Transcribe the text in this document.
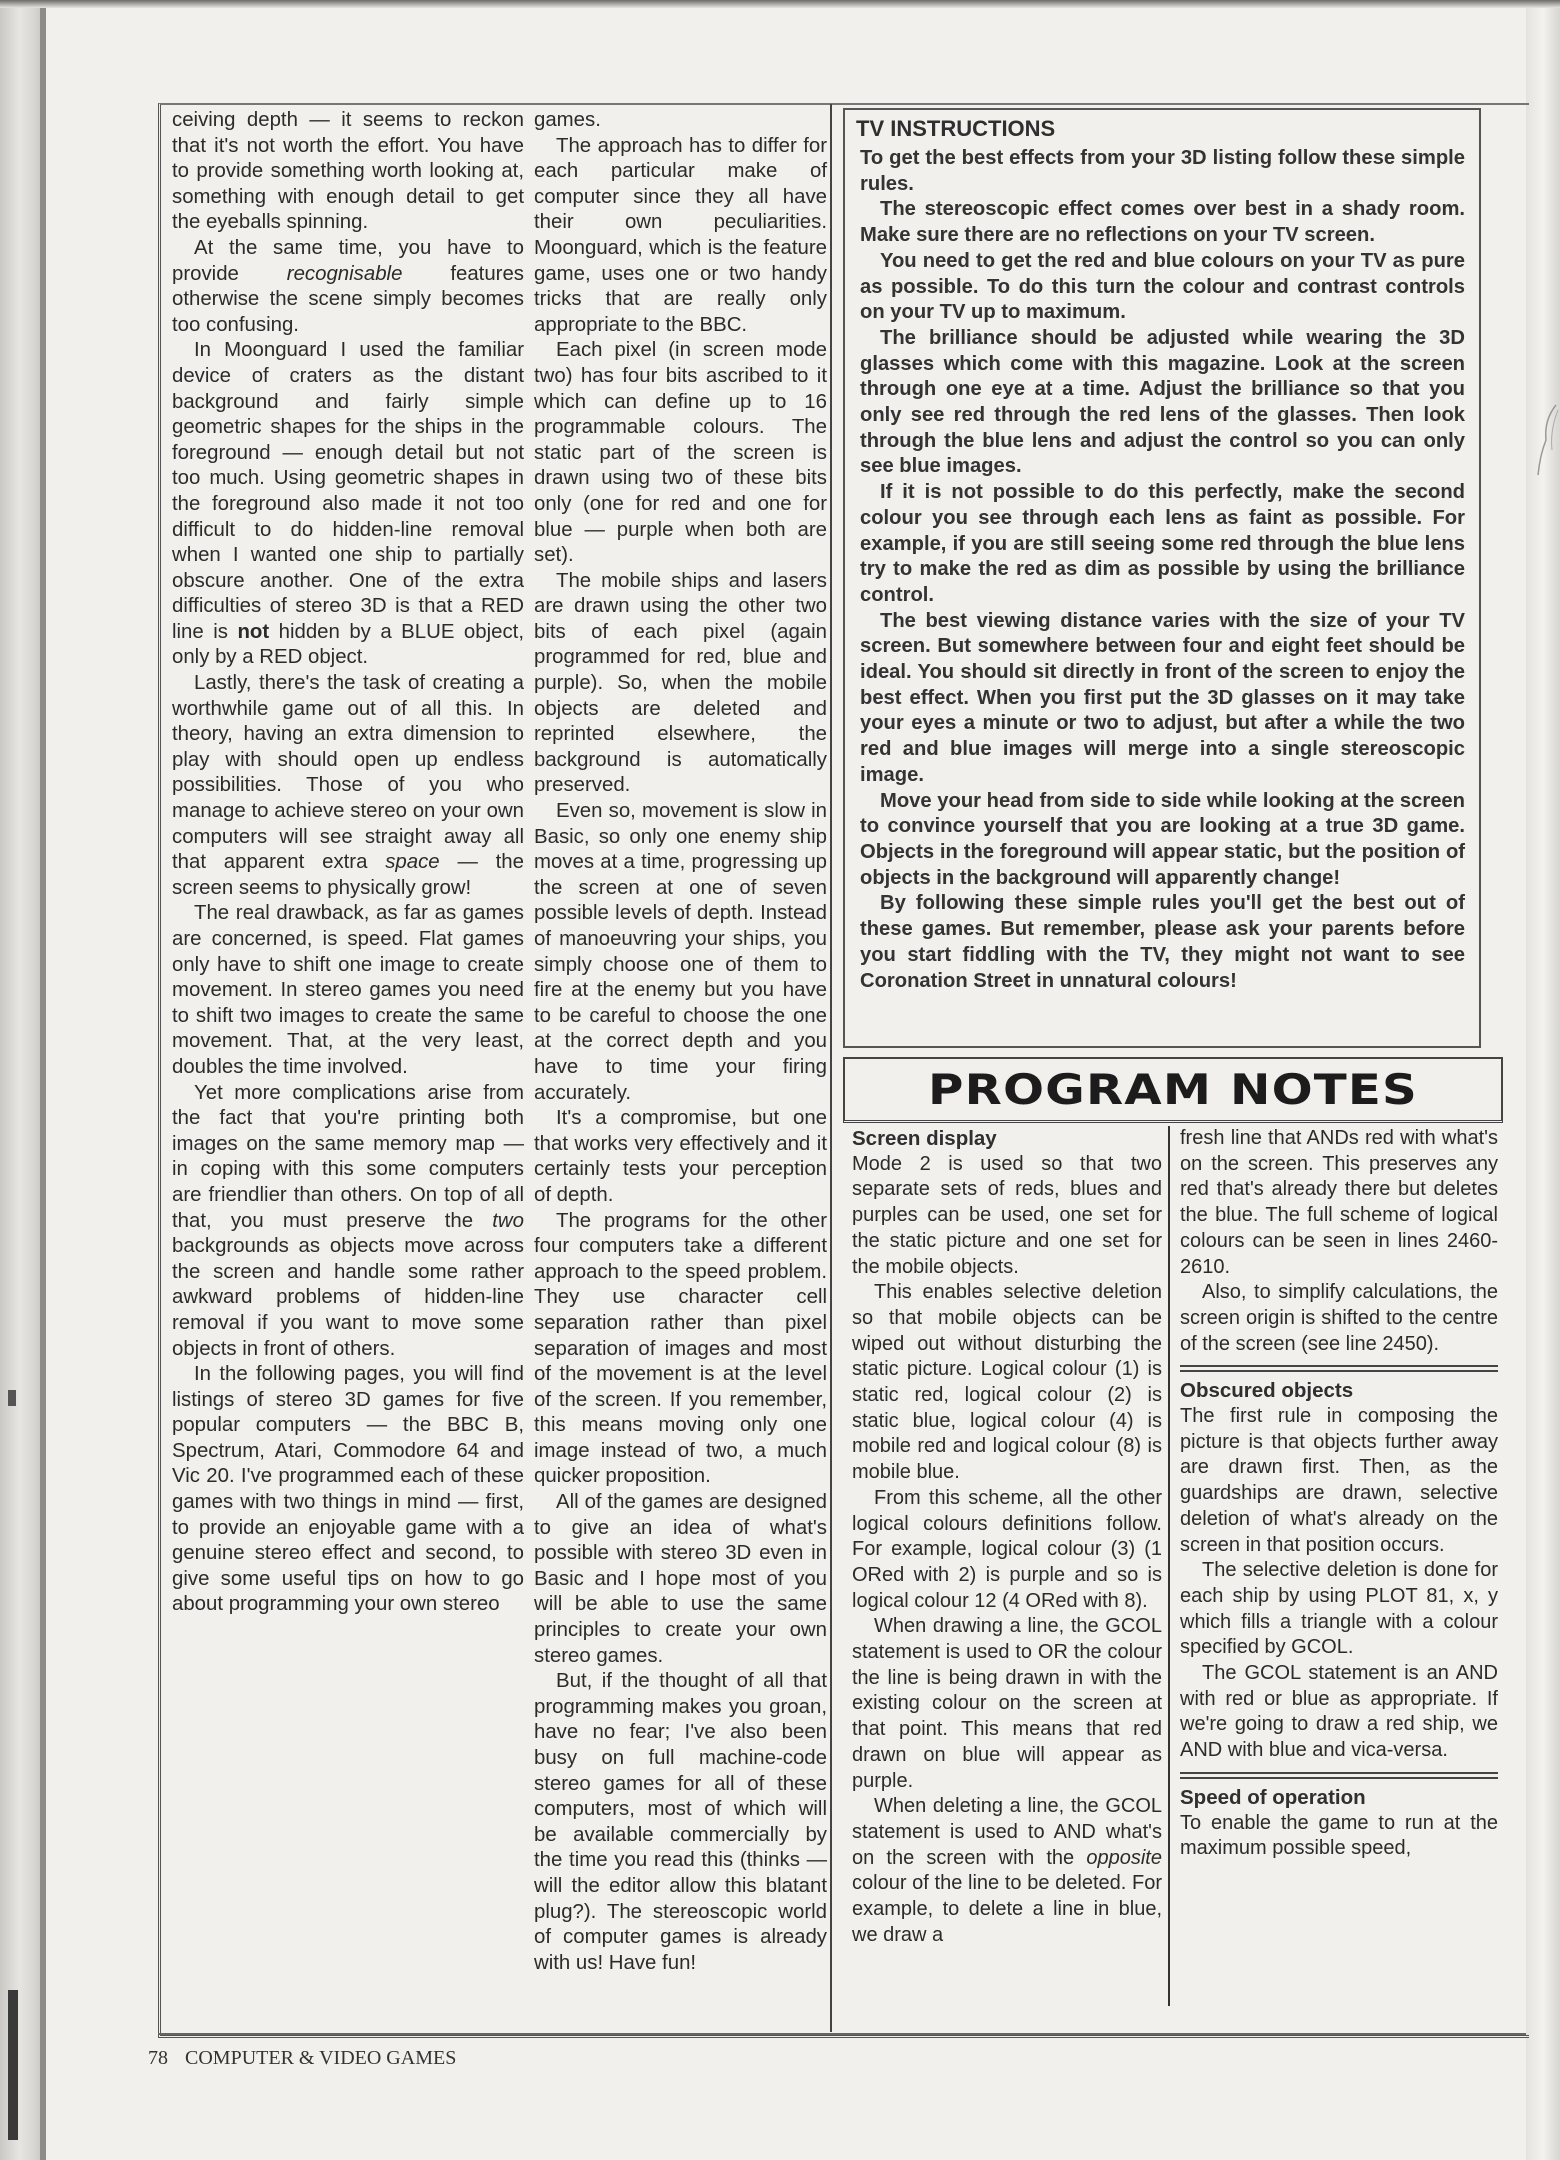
ceiving depth — it seems to reckon that it's not worth the effort. You have to provide something worth looking at, something with enough detail to get the eyeballs spinning.

At the same time, you have to provide recognisable features otherwise the scene simply becomes too confusing.

In Moonguard I used the familiar device of craters as the distant background and fairly simple geometric shapes for the ships in the foreground — enough detail but not too much. Using geometric shapes in the foreground also made it not too difficult to do hidden-line removal when I wanted one ship to partially obscure another. One of the extra difficulties of stereo 3D is that a RED line is not hidden by a BLUE object, only by a RED object.

Lastly, there's the task of creating a worthwhile game out of all this. In theory, having an extra dimension to play with should open up endless possibilities. Those of you who manage to achieve stereo on your own computers will see straight away all that apparent extra space — the screen seems to physically grow!

The real drawback, as far as games are concerned, is speed. Flat games only have to shift one image to create movement. In stereo games you need to shift two images to create the same movement. That, at the very least, doubles the time involved.

Yet more complications arise from the fact that you're printing both images on the same memory map — in coping with this some computers are friendlier than others. On top of all that, you must preserve the two backgrounds as objects move across the screen and handle some rather awkward problems of hidden-line removal if you want to move some objects in front of others.

In the following pages, you will find listings of stereo 3D games for five popular computers — the BBC B, Spectrum, Atari, Commodore 64 and Vic 20. I've programmed each of these games with two things in mind — first, to provide an enjoyable game with a genuine stereo effect and second, to give some useful tips on how to go about programming your own stereo

games.

The approach has to differ for each particular make of computer since they all have their own peculiarities. Moonguard, which is the feature game, uses one or two handy tricks that are really only appropriate to the BBC.

Each pixel (in screen mode two) has four bits ascribed to it which can define up to 16 programmable colours. The static part of the screen is drawn using two of these bits only (one for red and one for blue — purple when both are set).

The mobile ships and lasers are drawn using the other two bits of each pixel (again programmed for red, blue and purple). So, when the mobile objects are deleted and reprinted elsewhere, the background is automatically preserved.

Even so, movement is slow in Basic, so only one enemy ship moves at a time, progressing up the screen at one of seven possible levels of depth. Instead of manoeuvring your ships, you simply choose one of them to fire at the enemy but you have to be careful to choose the one at the correct depth and you have to time your firing accurately.

It's a compromise, but one that works very effectively and it certainly tests your perception of depth.

The programs for the other four computers take a different approach to the speed problem. They use character cell separation rather than pixel separation of images and most of the movement is at the level of the screen. If you remember, this means moving only one image instead of two, a much quicker proposition.

All of the games are designed to give an idea of what's possible with stereo 3D even in Basic and I hope most of you will be able to use the same principles to create your own stereo games.

But, if the thought of all that programming makes you groan, have no fear; I've also been busy on full machine-code stereo games for all of these computers, most of which will be available commercially by the time you read this (thinks — will the editor allow this blatant plug?). The stereoscopic world of computer games is already with us! Have fun!

TV INSTRUCTIONS

To get the best effects from your 3D listing follow these simple rules.

The stereoscopic effect comes over best in a shady room. Make sure there are no reflections on your TV screen.

You need to get the red and blue colours on your TV as pure as possible. To do this turn the colour and contrast controls on your TV up to maximum.

The brilliance should be adjusted while wearing the 3D glasses which come with this magazine. Look at the screen through one eye at a time. Adjust the brilliance so that you only see red through the red lens of the glasses. Then look through the blue lens and adjust the control so you can only see blue images.

If it is not possible to do this perfectly, make the second colour you see through each lens as faint as possible. For example, if you are still seeing some red through the blue lens try to make the red as dim as possible by using the brilliance control.

The best viewing distance varies with the size of your TV screen. But somewhere between four and eight feet should be ideal. You should sit directly in front of the screen to enjoy the best effect. When you first put the 3D glasses on it may take your eyes a minute or two to adjust, but after a while the two red and blue images will merge into a single stereoscopic image.

Move your head from side to side while looking at the screen to convince yourself that you are looking at a true 3D game. Objects in the foreground will appear static, but the position of objects in the background will apparently change!

By following these simple rules you'll get the best out of these games. But remember, please ask your parents before you start fiddling with the TV, they might not want to see Coronation Street in unnatural colours!

PROGRAM NOTES
Screen display

Mode 2 is used so that two separate sets of reds, blues and purples can be used, one set for the static picture and one set for the mobile objects.

This enables selective deletion so that mobile objects can be wiped out without disturbing the static picture. Logical colour (1) is static red, logical colour (2) is static blue, logical colour (4) is mobile red and logical colour (8) is mobile blue.

From this scheme, all the other logical colours definitions follow. For example, logical colour (3) (1 ORed with 2) is purple and so is logical colour 12 (4 ORed with 8).

When drawing a line, the GCOL statement is used to OR the colour the line is being drawn in with the existing colour on the screen at that point. This means that red drawn on blue will appear as purple.

When deleting a line, the GCOL statement is used to AND what's on the screen with the opposite colour of the line to be deleted. For example, to delete a line in blue, we draw a

fresh line that ANDs red with what's on the screen. This preserves any red that's already there but deletes the blue. The full scheme of logical colours can be seen in lines 2460-2610.

Also, to simplify calculations, the screen origin is shifted to the centre of the screen (see line 2450).

Obscured objects

The first rule in composing the picture is that objects further away are drawn first. Then, as the guardships are drawn, selective deletion of what's already on the screen in that position occurs.

The selective deletion is done for each ship by using PLOT 81, x, y which fills a triangle with a colour specified by GCOL.

The GCOL statement is an AND with red or blue as appropriate. If we're going to draw a red ship, we AND with blue and vica-versa.

Speed of operation

To enable the game to run at the maximum possible speed,

78 COMPUTER & VIDEO GAMES
